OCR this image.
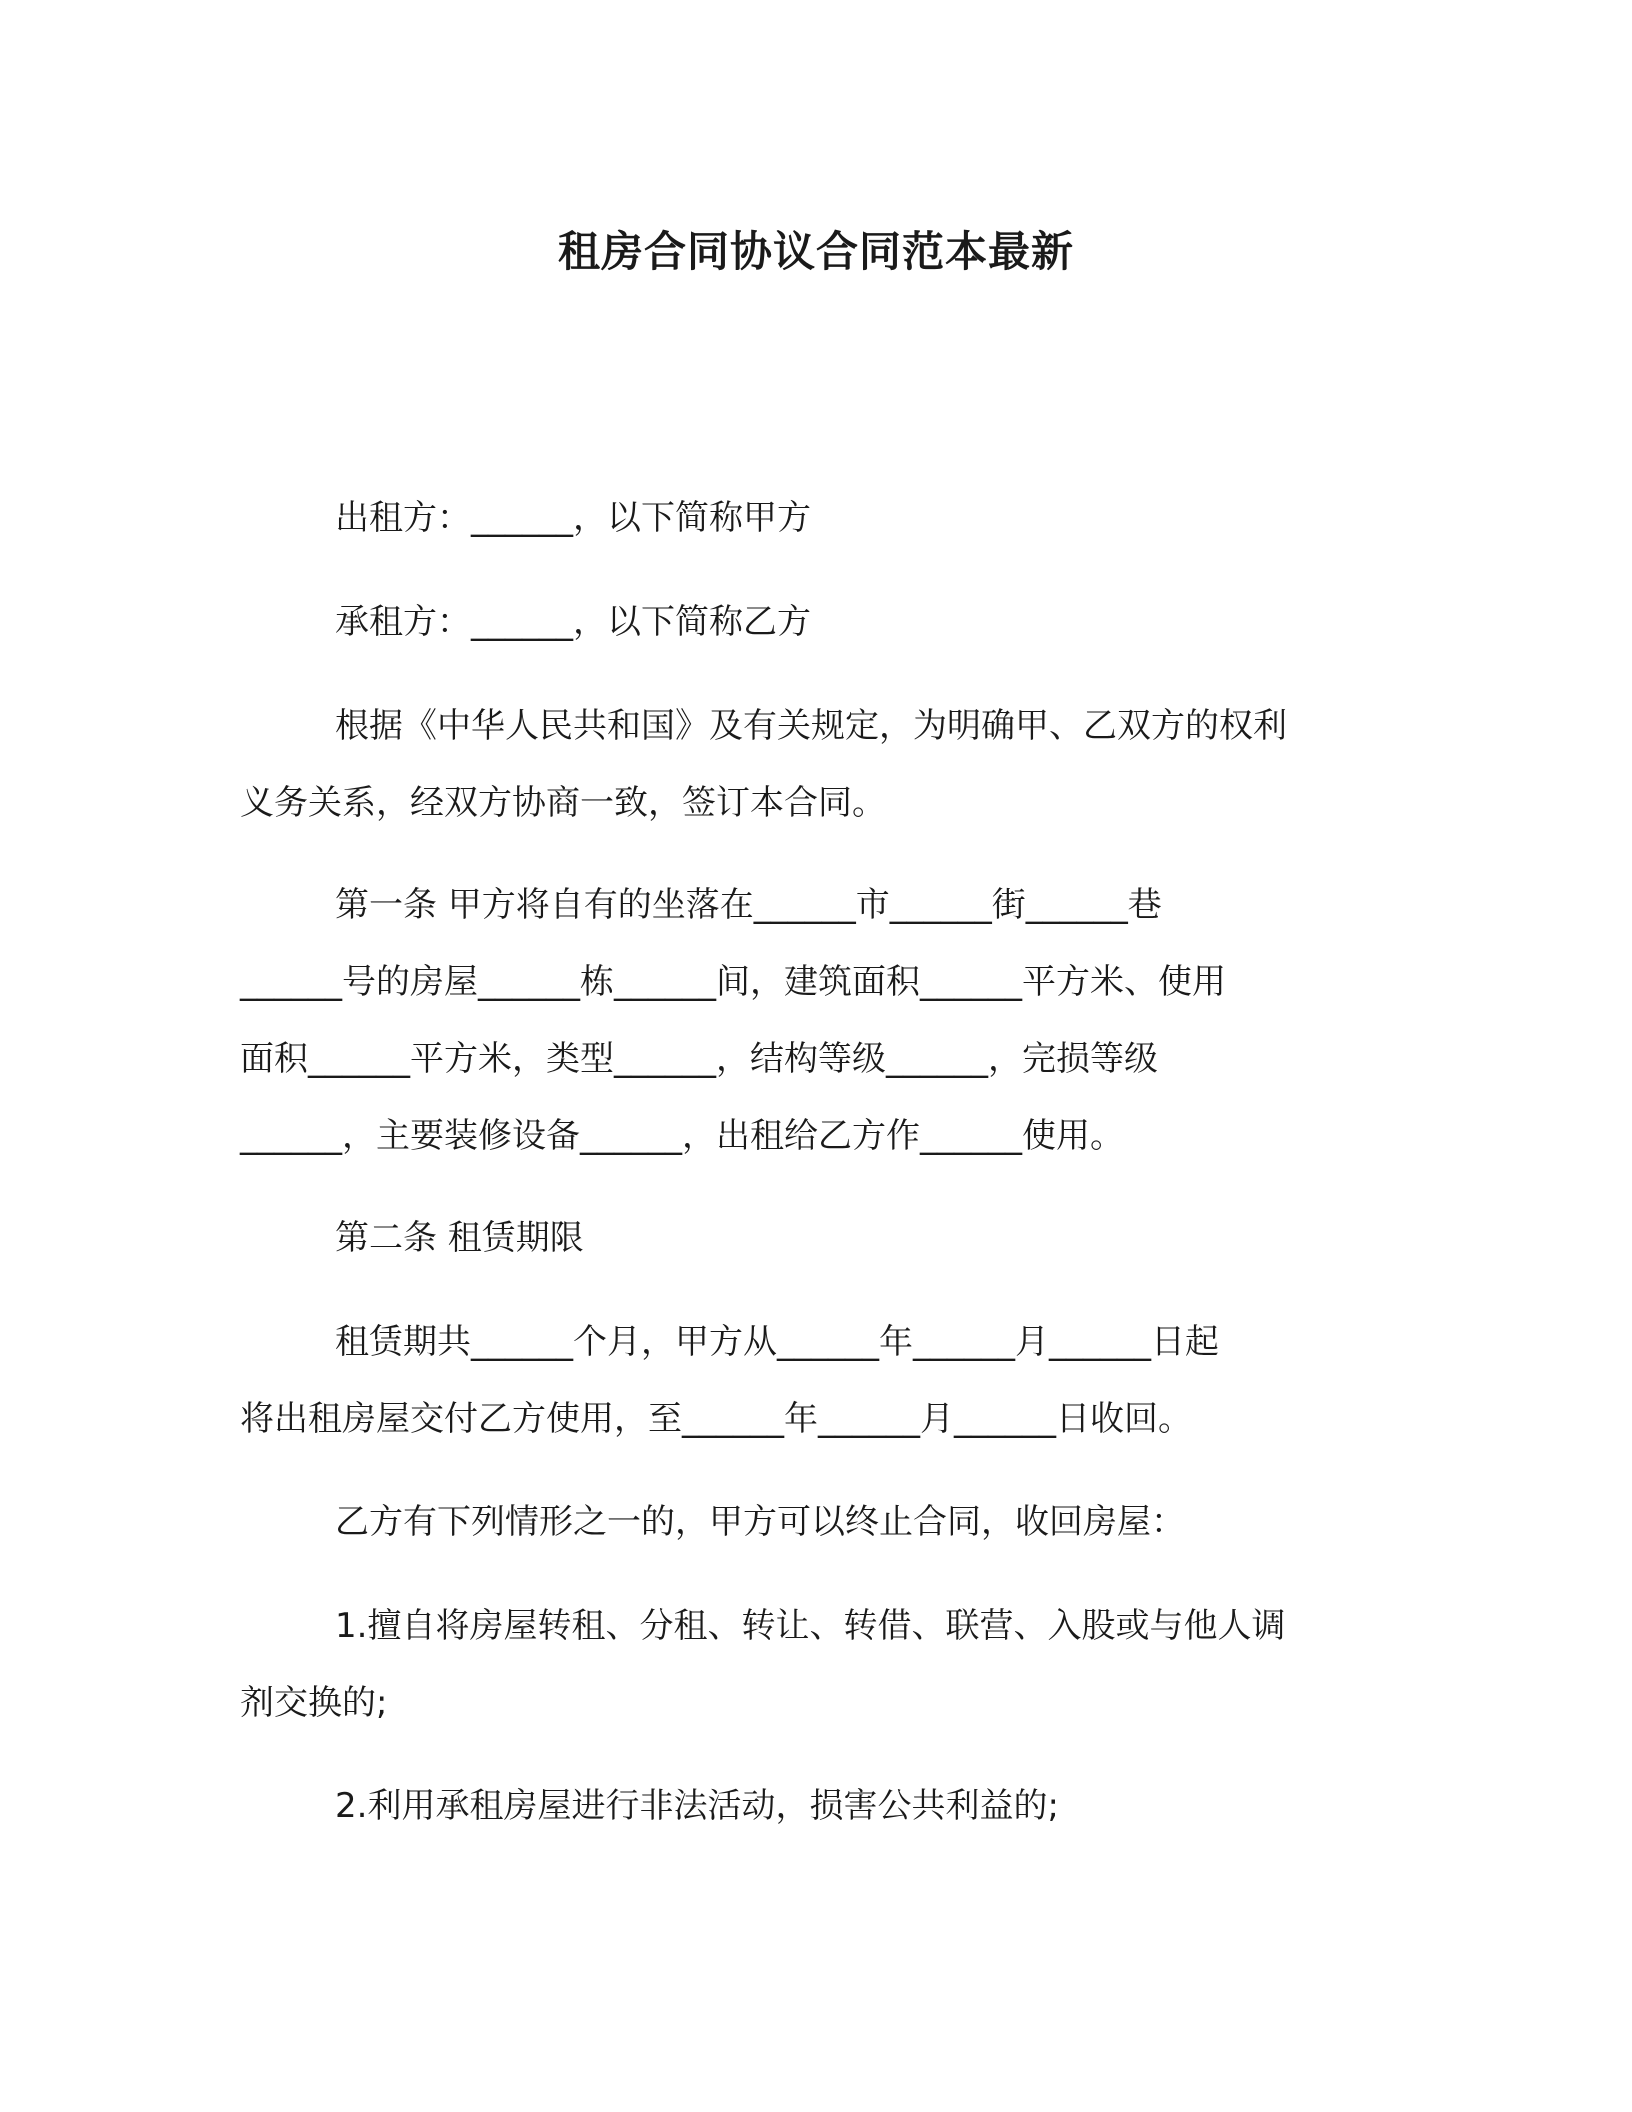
租房合同协议合同范本最新
出租方：______，以下简称甲方
承租方：______，以下简称乙方
根据《中华人民共和国》及有关规定，为明确甲、乙双方的权利
义务关系，经双方协商一致，签订本合同。
第一条 甲方将自有的坐落在______市______街______巷
______号的房屋______栋______间，建筑面积______平方米、使用
面积______平方米，类型______，结构等级______，完损等级
______，主要装修设备______，出租给乙方作______使用。
第二条 租赁期限
租赁期共______个月，甲方从______年______月______日起
将出租房屋交付乙方使用，至______年______月______日收回。
乙方有下列情形之一的，甲方可以终止合同，收回房屋：
1.擅自将房屋转租、分租、转让、转借、联营、入股或与他人调
剂交换的;
2.利用承租房屋进行非法活动，损害公共利益的;
